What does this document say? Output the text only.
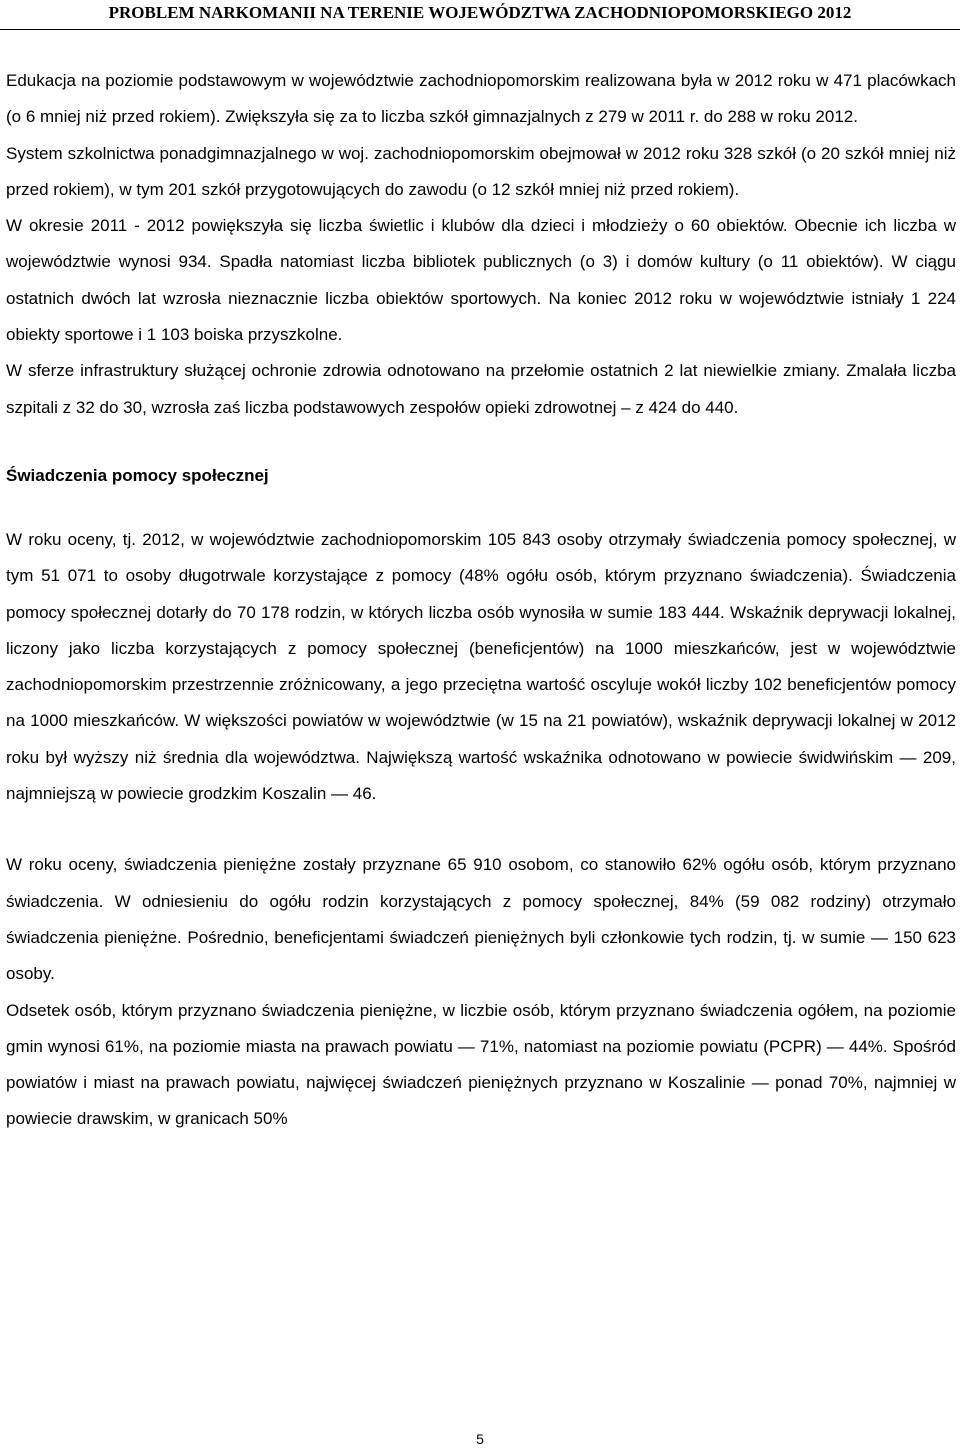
PROBLEM NARKOMANII NA TERENIE WOJEWÓDZTWA ZACHODNIOPOMORSKIEGO 2012

Edukacja na poziomie podstawowym w województwie zachodniopomorskim realizowana była w 2012 roku w 471 placówkach (o 6 mniej niż przed rokiem). Zwiększyła się za to liczba szkół gimnazjalnych z 279 w 2011 r. do 288 w roku 2012.

System szkolnictwa ponadgimnazjalnego w woj. zachodniopomorskim obejmował w 2012 roku 328 szkół (o 20 szkół mniej niż przed rokiem), w tym 201 szkół przygotowujących do zawodu (o 12 szkół mniej niż przed rokiem).

W okresie 2011 - 2012 powiększyła się liczba świetlic i klubów dla dzieci i młodzieży o 60 obiektów. Obecnie ich liczba w województwie wynosi 934. Spadła natomiast liczba bibliotek publicznych (o 3) i domów kultury (o 11 obiektów). W ciągu ostatnich dwóch lat wzrosła nieznacznie liczba obiektów sportowych. Na koniec 2012 roku w województwie istniały 1 224 obiekty sportowe i 1 103 boiska przyszkolne.

W sferze infrastruktury służącej ochronie zdrowia odnotowano na przełomie ostatnich 2 lat niewielkie zmiany. Zmalała liczba szpitali z 32 do 30, wzrosła zaś liczba podstawowych zespołów opieki zdrowotnej – z 424 do 440.

Świadczenia pomocy społecznej

W roku oceny, tj. 2012, w województwie zachodniopomorskim 105 843 osoby otrzymały świadczenia pomocy społecznej, w tym 51 071 to osoby długotrwale korzystające z pomocy (48% ogółu osób, którym przyznano świadczenia). Świadczenia pomocy społecznej dotarły do 70 178 rodzin, w których liczba osób wynosiła w sumie 183 444. Wskaźnik deprywacji lokalnej, liczony jako liczba korzystających z pomocy społecznej (beneficjentów) na 1000 mieszkańców, jest w województwie zachodniopomorskim przestrzennie zróżnicowany, a jego przeciętna wartość oscyluje wokół liczby 102 beneficjentów pomocy na 1000 mieszkańców. W większości powiatów w województwie (w 15 na 21 powiatów), wskaźnik deprywacji lokalnej w 2012 roku był wyższy niż średnia dla województwa. Największą wartość wskaźnika odnotowano w powiecie świdwińskim — 209, najmniejszą w powiecie grodzkim Koszalin — 46.

W roku oceny, świadczenia pieniężne zostały przyznane 65 910 osobom, co stanowiło 62% ogółu osób, którym przyznano świadczenia. W odniesieniu do ogółu rodzin korzystających z pomocy społecznej, 84% (59 082 rodziny) otrzymało świadczenia pieniężne. Pośrednio, beneficjentami świadczeń pieniężnych byli członkowie tych rodzin, tj. w sumie — 150 623 osoby.

Odsetek osób, którym przyznano świadczenia pieniężne, w liczbie osób, którym przyznano świadczenia ogółem, na poziomie gmin wynosi 61%, na poziomie miasta na prawach powiatu — 71%, natomiast na poziomie powiatu (PCPR) — 44%. Spośród powiatów i miast na prawach powiatu, najwięcej świadczeń pieniężnych przyznano w Koszalinie — ponad 70%, najmniej w powiecie drawskim, w granicach 50%

5
